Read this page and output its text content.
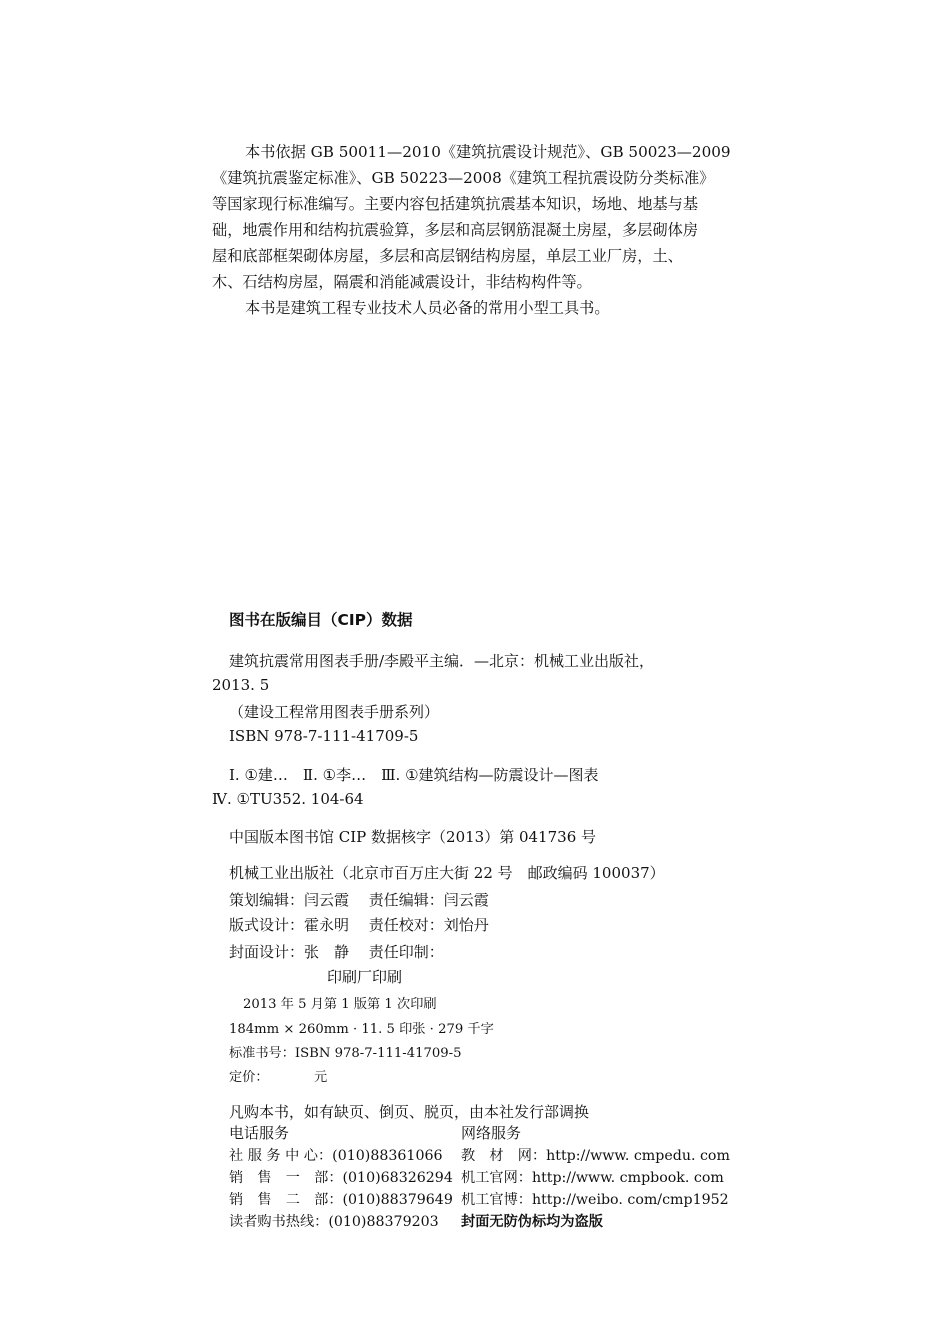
本书依据 GB 50011—2010《建筑抗震设计规范》、GB 50023—2009
《建筑抗震鉴定标准》、GB 50223—2008《建筑工程抗震设防分类标准》
等国家现行标准编写。主要内容包括建筑抗震基本知识，场地、地基与基
础，地震作用和结构抗震验算，多层和高层钢筋混凝土房屋，多层砌体房
屋和底部框架砌体房屋，多层和高层钢结构房屋，单层工业厂房，土、
木、石结构房屋，隔震和消能减震设计，非结构构件等。
本书是建筑工程专业技术人员必备的常用小型工具书。
图书在版编目（CIP）数据
建筑抗震常用图表手册/李殿平主编．—北京：机械工业出版社，
2013. 5
（建设工程常用图表手册系列）
ISBN 978-7-111-41709-5
Ⅰ. ①建…　Ⅱ. ①李…　Ⅲ. ①建筑结构—防震设计—图表
Ⅳ. ①TU352. 104-64
中国版本图书馆 CIP 数据核字（2013）第 041736 号
机械工业出版社（北京市百万庄大街 22 号　邮政编码 100037）
策划编辑：闫云霞　 责任编辑：闫云霞
版式设计：霍永明　 责任校对：刘怡丹
封面设计：张　静　 责任印制：
印刷厂印刷
2013 年 5 月第 1 版第 1 次印刷
184mm × 260mm · 11. 5 印张 · 279 千字
标准书号：ISBN 978-7-111-41709-5
定价：	元
凡购本书，如有缺页、倒页、脱页，由本社发行部调换
电话服务	网络服务
社 服 务 中 心：(010)88361066 教　材　网：http://www. cmpedu. com
销　售　一　部：(010)68326294 机工官网：http://www. cmpbook. com
销　售　二　部：(010)88379649 机工官博：http://weibo. com/cmp1952
读者购书热线：(010)88379203 封面无防伪标均为盗版
